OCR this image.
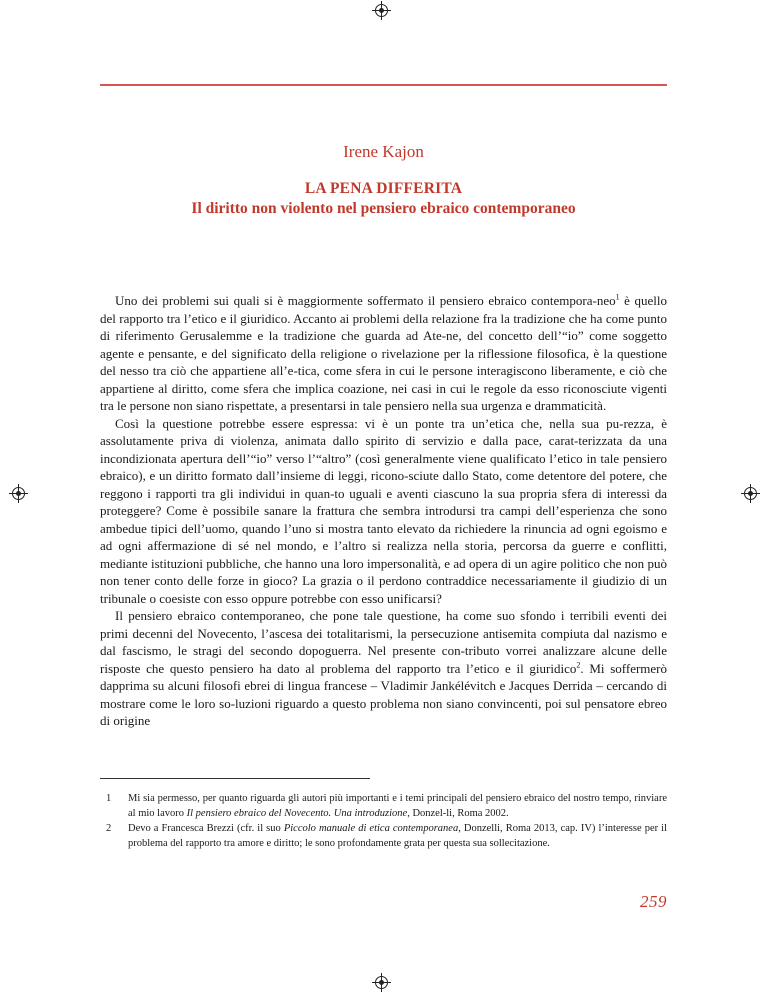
Irene Kajon
LA PENA DIFFERITA
Il diritto non violento nel pensiero ebraico contemporaneo

Uno dei problemi sui quali si è maggiormente soffermato il pensiero ebraico contempora-neo$^1$ è quello del rapporto tra l’etico e il giuridico. Accanto ai problemi della relazione fra la tradizione che ha come punto di riferimento Gerusalemme e la tradizione che guarda ad Ate-ne, del concetto dell’“io” come soggetto agente e pensante, e del significato della religione o rivelazione per la riflessione filosofica, è la questione del nesso tra ciò che appartiene all’e-tica, come sfera in cui le persone interagiscono liberamente, e ciò che appartiene al diritto, come sfera che implica coazione, nei casi in cui le regole da esso riconosciute vigenti tra le persone non siano rispettate, a presentarsi in tale pensiero nella sua urgenza e drammaticità.

Così la questione potrebbe essere espressa: vi è un ponte tra un’etica che, nella sua pu-rezza, è assolutamente priva di violenza, animata dallo spirito di servizio e dalla pace, carat-terizzata da una incondizionata apertura dell’“io” verso l’“altro” (così generalmente viene qualificato l’etico in tale pensiero ebraico), e un diritto formato dall’insieme di leggi, ricono-sciute dallo Stato, come detentore del potere, che reggono i rapporti tra gli individui in quan-to uguali e aventi ciascuno la sua propria sfera di interessi da proteggere? Come è possibile sanare la frattura che sembra introdursi tra campi dell’esperienza che sono ambedue tipici dell’uomo, quando l’uno si mostra tanto elevato da richiedere la rinuncia ad ogni egoismo e ad ogni affermazione di sé nel mondo, e l’altro si realizza nella storia, percorsa da guerre e conflitti, mediante istituzioni pubbliche, che hanno una loro impersonalità, e ad opera di un agire politico che non può non tener conto delle forze in gioco? La grazia o il perdono contraddice necessariamente il giudizio di un tribunale o coesiste con esso oppure potrebbe con esso unificarsi?

Il pensiero ebraico contemporaneo, che pone tale questione, ha come suo sfondo i terribili eventi dei primi decenni del Novecento, l’ascesa dei totalitarismi, la persecuzione antisemita compiuta dal nazismo e dal fascismo, le stragi del secondo dopoguerra. Nel presente con-tributo vorrei analizzare alcune delle risposte che questo pensiero ha dato al problema del rapporto tra l’etico e il giuridico$^2$. Mi soffermerò dapprima su alcuni filosofi ebrei di lingua francese – Vladimir Jankélévitch e Jacques Derrida – cercando di mostrare come le loro so-luzioni riguardo a questo problema non siano convincenti, poi sul pensatore ebreo di origine

1	Mi sia permesso, per quanto riguarda gli autori più importanti e i temi principali del pensiero ebraico del nostro tempo, rinviare al mio lavoro Il pensiero ebraico del Novecento. Una introduzione, Donzel-li, Roma 2002.
2	Devo a Francesca Brezzi (cfr. il suo Piccolo manuale di etica contemporanea, Donzelli, Roma 2013, cap. IV) l’interesse per il problema del rapporto tra amore e diritto; le sono profondamente grata per questa sua sollecitazione.
259
